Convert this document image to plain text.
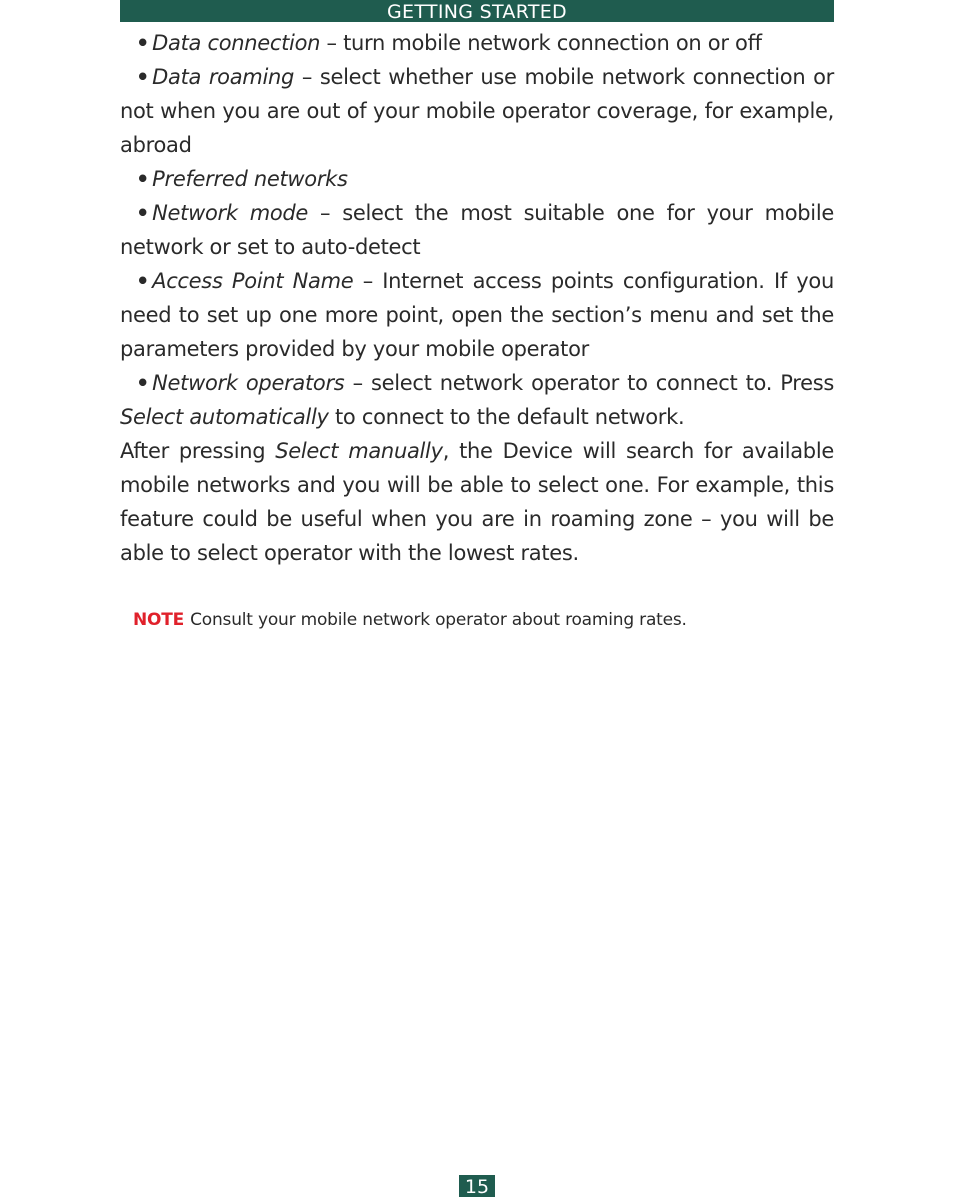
GETTING STARTED

• Data connection – turn mobile network connection on or off

• Data roaming – select whether use mobile network connection or not when you are out of your mobile operator coverage, for example, abroad

• Preferred networks

• Network mode – select the most suitable one for your mobile network or set to auto-detect

• Access Point Name – Internet access points configuration. If you need to set up one more point, open the section’s menu and set the parameters provided by your mobile operator

• Network operators – select network operator to connect to. Press Select automatically to connect to the default network.

After pressing Select manually, the Device will search for available mobile networks and you will be able to select one. For example, this feature could be useful when you are in roaming zone – you will be able to select operator with the lowest rates.

NOTE Consult your mobile network operator about roaming rates.
15
